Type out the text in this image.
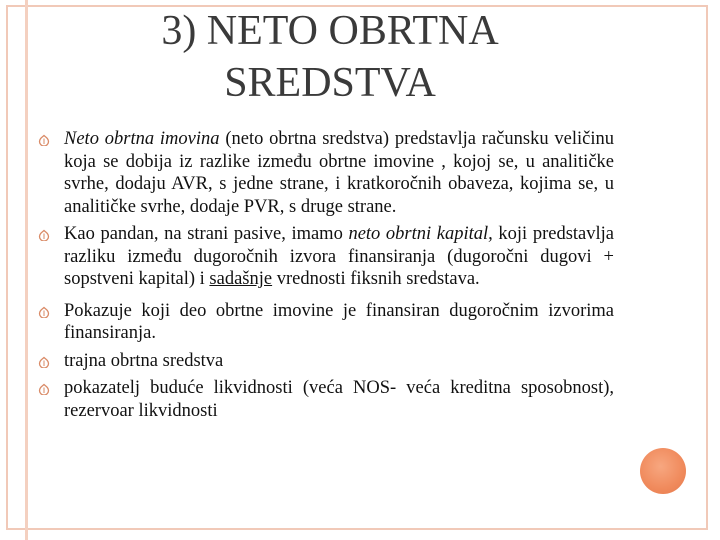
3) NETO OBRTNA
SREDSTVA
Neto obrtna imovina (neto obrtna sredstva) predstavlja računsku veličinu koja se dobija iz razlike između obrtne imovine , kojoj se, u analitičke svrhe, dodaju AVR, s jedne strane, i kratkoročnih obaveza, kojima se, u analitičke svrhe, dodaje PVR, s druge strane.
Kao pandan, na strani pasive, imamo neto obrtni kapital, koji predstavlja razliku između dugoročnih izvora finansiranja (dugoročni dugovi + sopstveni kapital) i sadašnje vrednosti fiksnih sredstava.
Pokazuje koji deo obrtne imovine je finansiran dugoročnim izvorima finansiranja.
trajna obrtna sredstva
pokazatelj buduće likvidnosti (veća NOS- veća kreditna sposobnost), rezervoar likvidnosti
